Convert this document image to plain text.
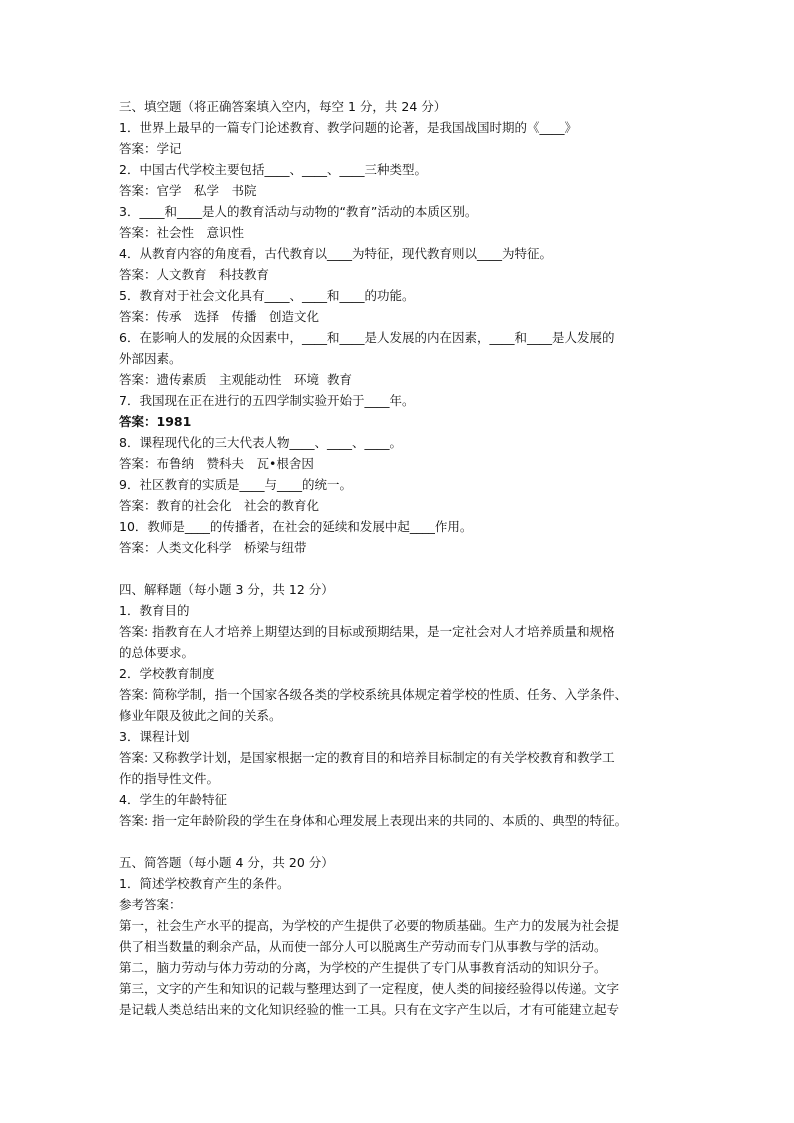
三、填空题（将正确答案填入空内，每空 1 分，共 24 分）
1．世界上最早的一篇专门论述教育、教学问题的论著，是我国战国时期的《____》
答案：学记
2．中国古代学校主要包括____、____、____三种类型。
答案：官学　私学　书院
3．____和____是人的教育活动与动物的“教育”活动的本质区别。
答案：社会性　意识性
4．从教育内容的角度看，古代教育以____为特征，现代教育则以____为特征。
答案：人文教育　科技教育
5．教育对于社会文化具有____、____和____的功能。
答案：传承　选择　传播　创造文化
6．在影响人的发展的众因素中，____和____是人发展的内在因素，____和____是人发展的
外部因素。
答案：遗传素质　主观能动性　环境  教育
7．我国现在正在进行的五四学制实验开始于____年。
答案：1981
8．课程现代化的三大代表人物____、____、____。
答案：布鲁纳　赞科夫　瓦•根舍因
9．社区教育的实质是____与____的统一。
答案：教育的社会化　社会的教育化
10．教师是____的传播者，在社会的延续和发展中起____作用。
答案：人类文化科学　桥梁与纽带
四、解释题（每小题 3 分，共 12 分）
1．教育目的
答案: 指教育在人才培养上期望达到的目标或预期结果，是一定社会对人才培养质量和规格
的总体要求。
2．学校教育制度
答案: 简称学制，指一个国家各级各类的学校系统具体规定着学校的性质、任务、入学条件、
修业年限及彼此之间的关系。
3．课程计划
答案: 又称教学计划，是国家根据一定的教育目的和培养目标制定的有关学校教育和教学工
作的指导性文件。
4．学生的年龄特征
答案: 指一定年龄阶段的学生在身体和心理发展上表现出来的共同的、本质的、典型的特征。
五、简答题（每小题 4 分，共 20 分）
1．简述学校教育产生的条件。
参考答案：
第一，社会生产水平的提高，为学校的产生提供了必要的物质基础。生产力的发展为社会提
供了相当数量的剩余产品，从而使一部分人可以脱离生产劳动而专门从事教与学的活动。
第二，脑力劳动与体力劳动的分离，为学校的产生提供了专门从事教育活动的知识分子。
第三，文字的产生和知识的记载与整理达到了一定程度，使人类的间接经验得以传递。文字
是记载人类总结出来的文化知识经验的惟一工具。只有在文字产生以后，才有可能建立起专
